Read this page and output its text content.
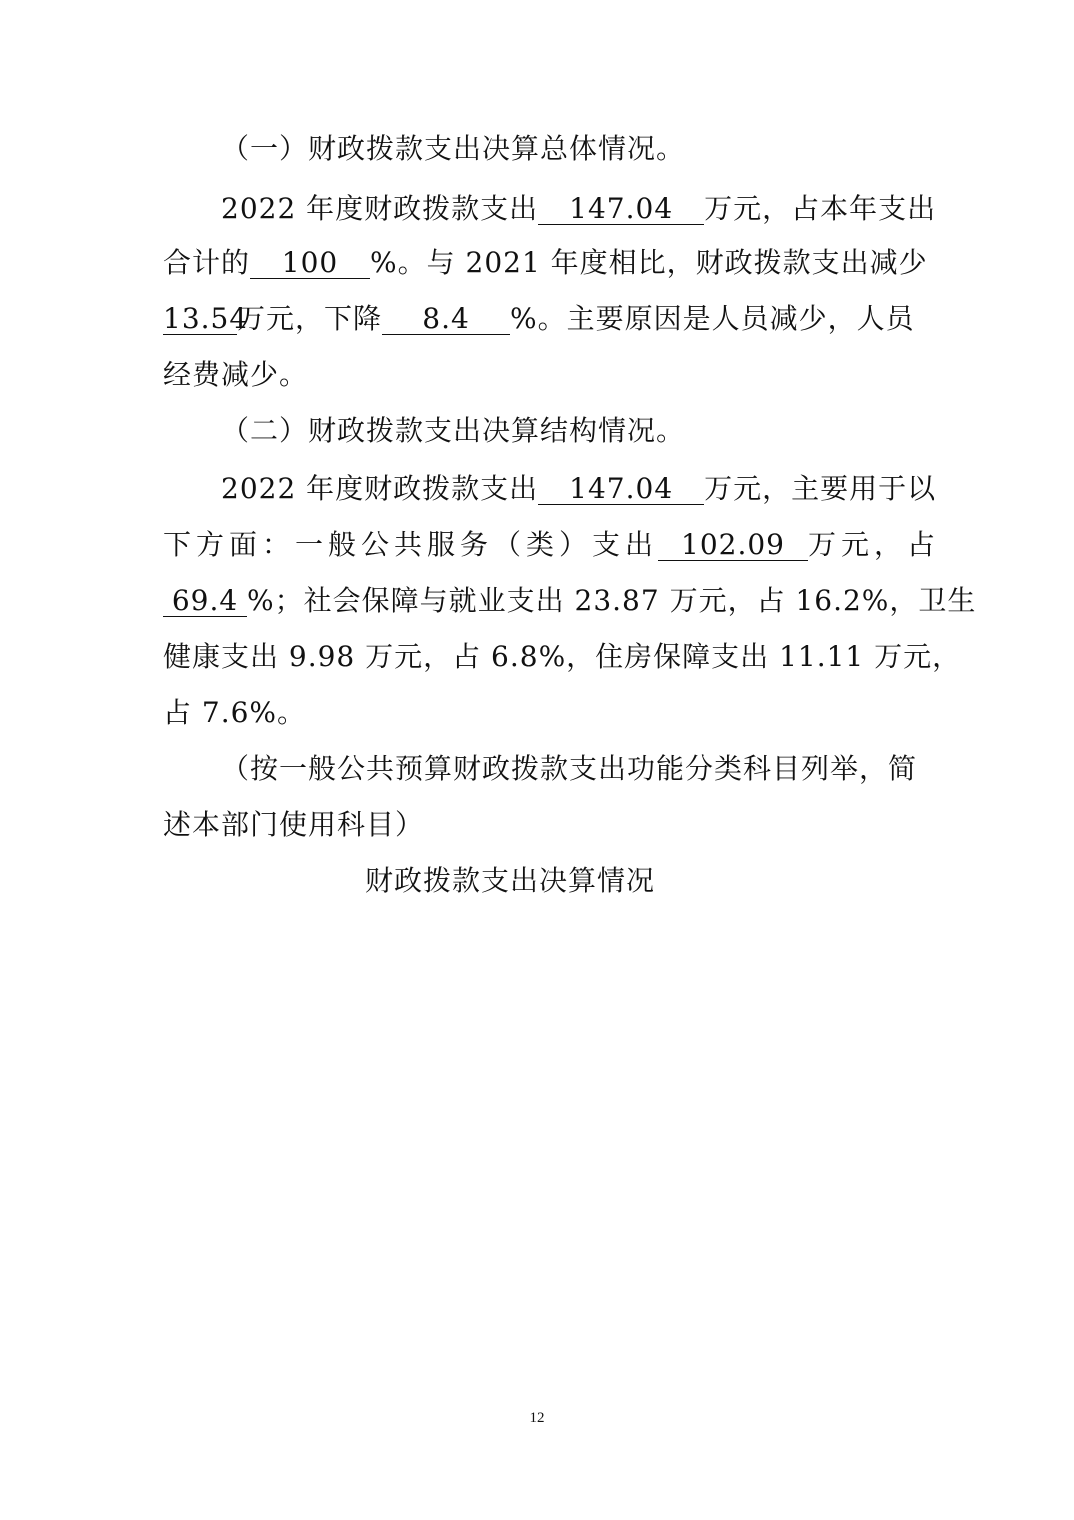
（一）财政拨款支出决算总体情况。
2022 年度财政拨款支出 147.04 万元，占本年支出
合计的 100 %。与 2021 年度相比，财政拨款支出减少
13.54万元，下降 8.4 %。主要原因是人员减少，人员
经费减少。
（二）财政拨款支出决算结构情况。
2022 年度财政拨款支出 147.04 万元，主要用于以
下方面：一般公共服务（类）支出 102.09 万元，占
69.4 %；社会保障与就业支出 23.87 万元，占 16.2%，卫生
健康支出 9.98 万元，占 6.8%，住房保障支出 11.11 万元，
占 7.6%。
（按一般公共预算财政拨款支出功能分类科目列举，简
述本部门使用科目）
财政拨款支出决算情况
12
